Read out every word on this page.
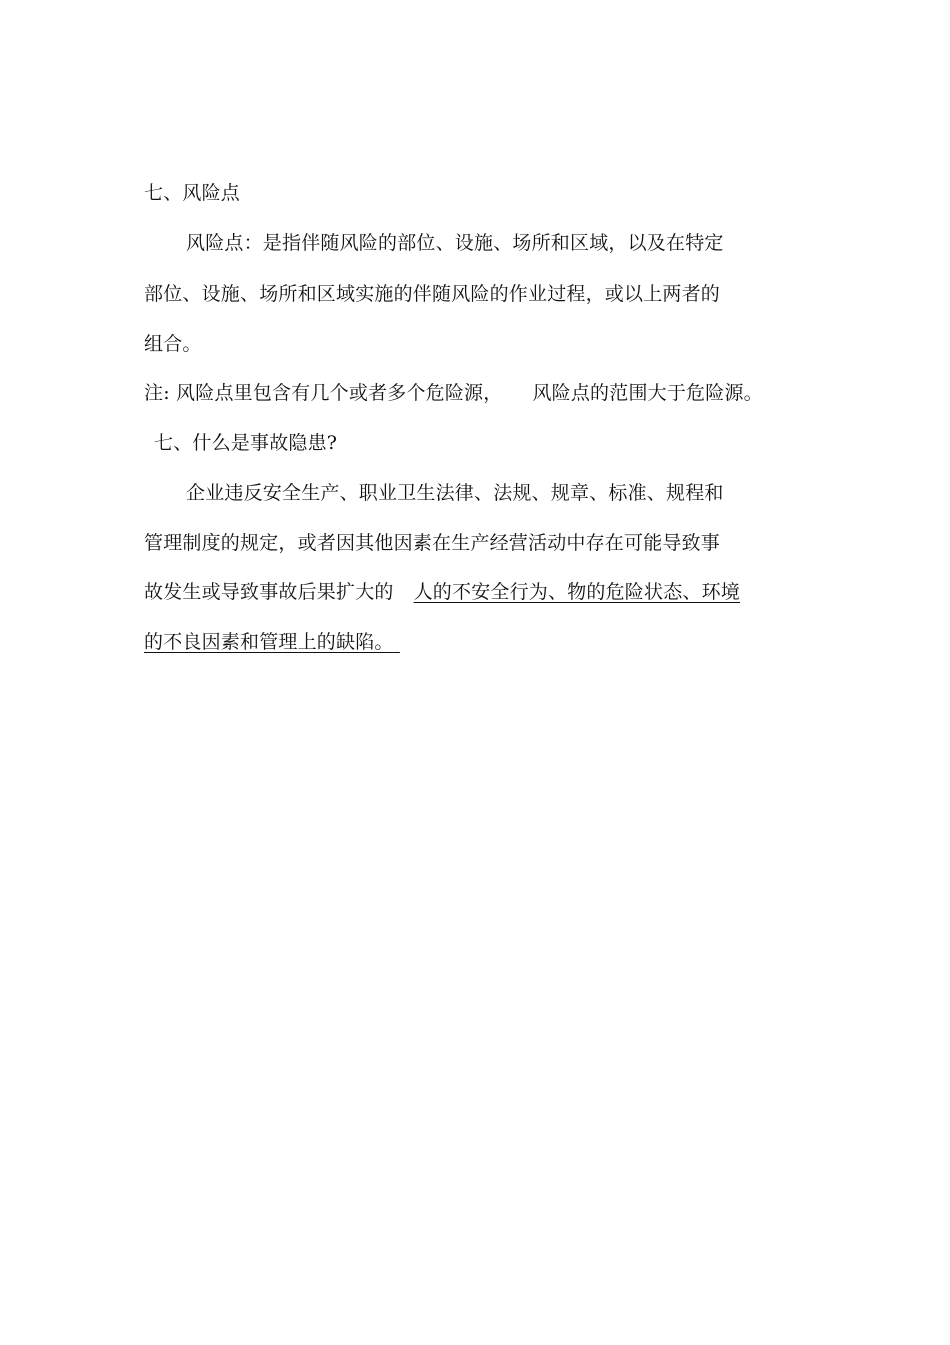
七、风险点
风险点：是指伴随风险的部位、设施、场所和区域，以及在特定
部位、设施、场所和区域实施的伴随风险的作业过程，或以上两者的
组合。
注: 风险点里包含有几个或者多个危险源， 风险点的范围大于危险源。
七、什么是事故隐患?
企业违反安全生产、职业卫生法律、法规、规章、标准、规程和
管理制度的规定，或者因其他因素在生产经营活动中存在可能导致事
故发生或导致事故后果扩大的 人的不安全行为、物的危险状态、环境
的不良因素和管理上的缺陷。
